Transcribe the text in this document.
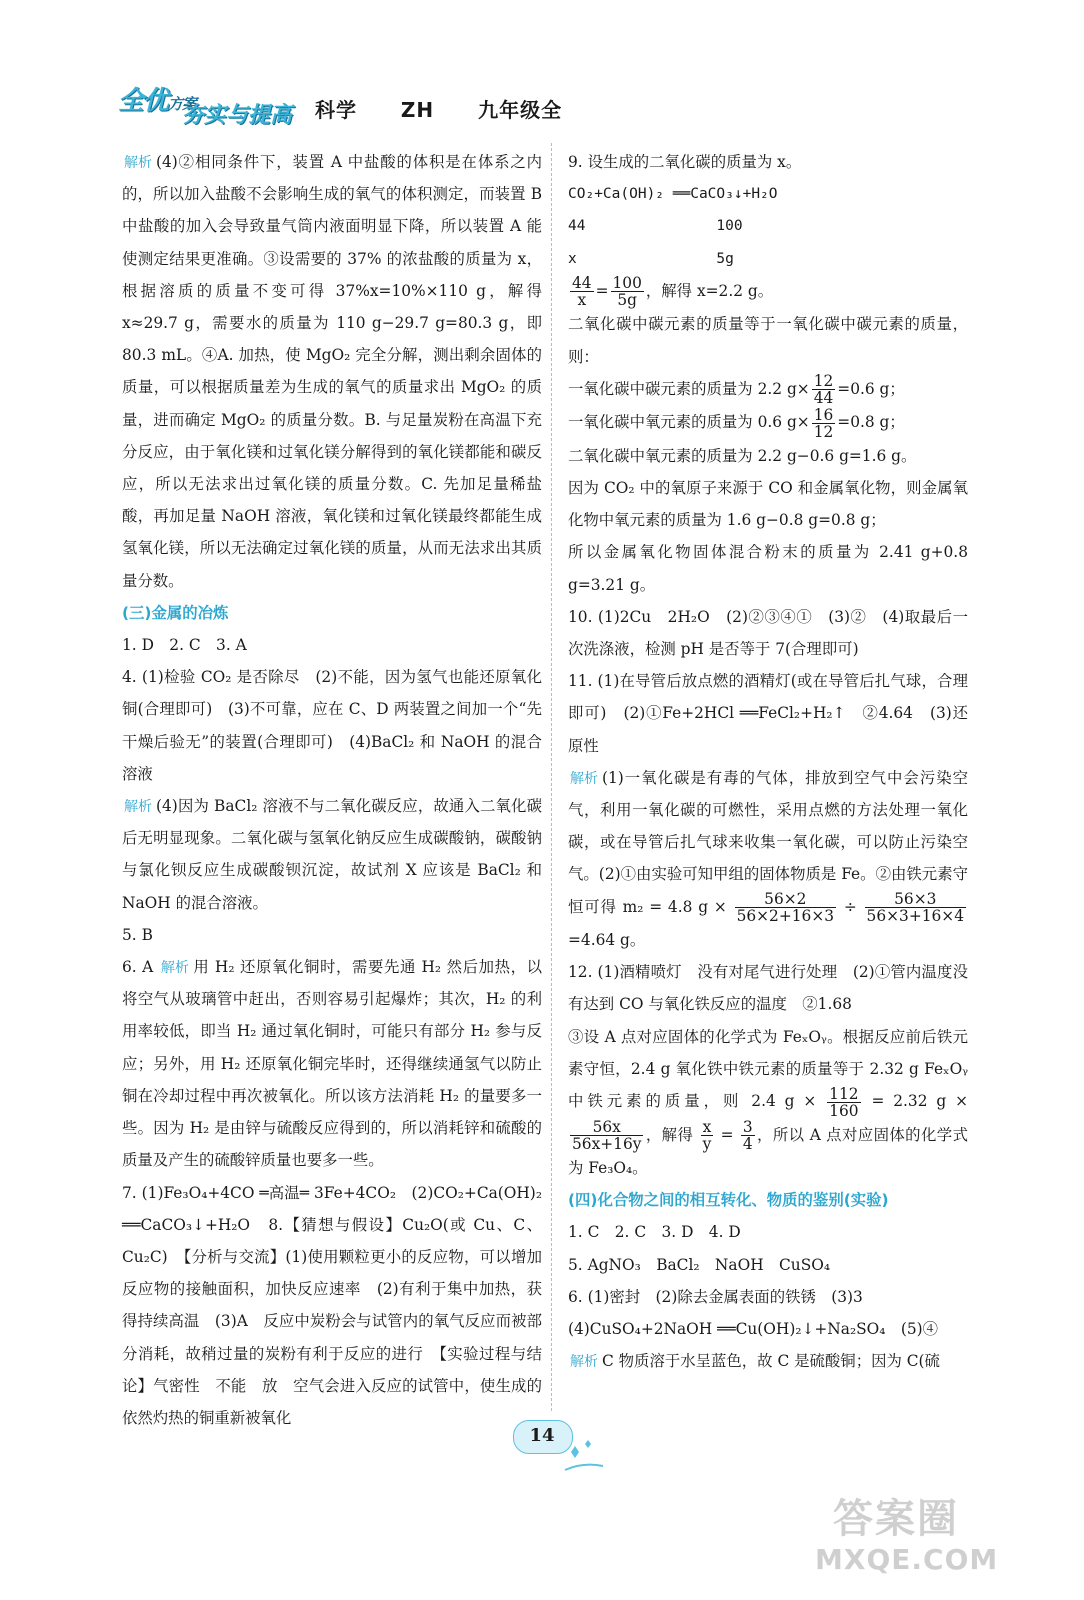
全优方案
夯实与提高 科学  ZH  九年级全

解析 (4)②相同条件下，装置 A 中盐酸的体积是在体系之内的，所以加入盐酸不会影响生成的氧气的体积测定，而装置 B 中盐酸的加入会导致量气筒内液面明显下降，所以装置 A 能使测定结果更准确。③设需要的 37% 的浓盐酸的质量为 x，根据溶质的质量不变可得 37%x=10%×110 g，解得 x≈29.7 g，需要水的质量为 110 g−29.7 g=80.3 g，即 80.3 mL。④A. 加热，使 MgO₂ 完全分解，测出剩余固体的质量，可以根据质量差为生成的氧气的质量求出 MgO₂ 的质量，进而确定 MgO₂ 的质量分数。B. 与足量炭粉在高温下充分反应，由于氧化镁和过氧化镁分解得到的氧化镁都能和碳反应，所以无法求出过氧化镁的质量分数。C. 先加足量稀盐酸，再加足量 NaOH 溶液，氧化镁和过氧化镁最终都能生成氢氧化镁，所以无法确定过氧化镁的质量，从而无法求出其质量分数。

(三)金属的冶炼

1. D　2. C　3. A

4. (1)检验 CO₂ 是否除尽　(2)不能，因为氢气也能还原氧化铜(合理即可)　(3)不可靠，应在 C、D 两装置之间加一个“先干燥后验无”的装置(合理即可)　(4)BaCl₂ 和 NaOH 的混合溶液

解析 (4)因为 BaCl₂ 溶液不与二氧化碳反应，故通入二氧化碳后无明显现象。二氧化碳与氢氧化钠反应生成碳酸钠，碳酸钠与氯化钡反应生成碳酸钡沉淀，故试剂 X 应该是 BaCl₂ 和 NaOH 的混合溶液。

5. B

6. A 解析 用 H₂ 还原氧化铜时，需要先通 H₂ 然后加热，以将空气从玻璃管中赶出，否则容易引起爆炸；其次，H₂ 的利用率较低，即当 H₂ 通过氧化铜时，可能只有部分 H₂ 参与反应；另外，用 H₂ 还原氧化铜完毕时，还得继续通氢气以防止铜在冷却过程中再次被氧化。所以该方法消耗 H₂ 的量要多一些。因为 H₂ 是由锌与硫酸反应得到的，所以消耗锌和硫酸的质量及产生的硫酸锌质量也要多一些。

7. (1)Fe₃O₄+4CO ═高温═ 3Fe+4CO₂　(2)CO₂+Ca(OH)₂ ══CaCO₃↓+H₂O　8.【猜想与假设】Cu₂O(或 Cu、C、Cu₂C)　【分析与交流】(1)使用颗粒更小的反应物，可以增加反应物的接触面积，加快反应速率　(2)有利于集中加热，获得持续高温　(3)A　反应中炭粉会与试管内的氧气反应而被部分消耗，故稍过量的炭粉有利于反应的进行　【实验过程与结论】气密性　不能　放　空气会进入反应的试管中，使生成的依然灼热的铜重新被氧化

9. 设生成的二氧化碳的质量为 x。

CO₂+Ca(OH)₂ ══CaCO₃↓+H₂O

44	100

x	5g

$\frac{44}{x} = \frac{100}{5g}$ ，解得 x=2.2 g。

二氧化碳中碳元素的质量等于一氧化碳中碳元素的质量，则：

一氧化碳中碳元素的质量为 2.2 $g\times \frac{12}{44} =0.6$ g；

一氧化碳中氧元素的质量为 0.6 $g\times \frac{16}{12} =0.8$ g；

二氧化碳中氧元素的质量为 2.2 g−0.6 g=1.6 g。

因为 CO₂ 中的氧原子来源于 CO 和金属氧化物，则金属氧化物中氧元素的质量为 1.6 g−0.8 g=0.8 g；

所以金属氧化物固体混合粉末的质量为 2.41 g+0.8 g=3.21 g。

10. (1)2Cu　2H₂O　(2)②③④①　(3)②　(4)取最后一次洗涤液，检测 pH 是否等于 7(合理即可)

11. (1)在导管后放点燃的酒精灯(或在导管后扎气球，合理即可)　(2)①Fe+2HCl ══FeCl₂+H₂↑　②4.64　(3)还原性

解析 (1)一氧化碳是有毒的气体，排放到空气中会污染空气，利用一氧化碳的可燃性，采用点燃的方法处理一氧化碳，或在导管后扎气球来收集一氧化碳，可以防止污染空气。(2)①由实验可知甲组的固体物质是 Fe。②由铁元素守恒可得 m₂ = 4.8 $g \times \frac{56\times 2}{56\times 2+16\times 3} \div \frac{56\times 3}{56\times 3+16\times 4}$
=4.64 g。

12. (1)酒精喷灯　没有对尾气进行处理　(2)①管内温度没有达到 CO 与氧化铁反应的温度　②1.68

③设 A 点对应固体的化学式为 FeₓOᵧ。根据反应前后铁元素守恒，2.4 g 氧化铁中铁元素的质量等于 2.32 g FeₓOᵧ 中铁元素的质量，则 2.4 $g \times \frac{112}{160} = 2.32$ g ×
$\frac{56x}{56x+16y}$ ，解得 $\frac{x}{y} = \frac{3}{4}$ ，所以 A 点对应固体的化学式为 Fe₃O₄。

(四)化合物之间的相互转化、物质的鉴别(实验)

1. C　2. C　3. D　4. D

5. AgNO₃　BaCl₂　NaOH　CuSO₄

6. (1)密封　(2)除去金属表面的铁锈　(3)3

(4)CuSO₄+2NaOH ══Cu(OH)₂↓+Na₂SO₄　(5)④

解析 C 物质溶于水呈蓝色，故 C 是硫酸铜；因为 C(硫

14
答案圈
MXQE.COM
